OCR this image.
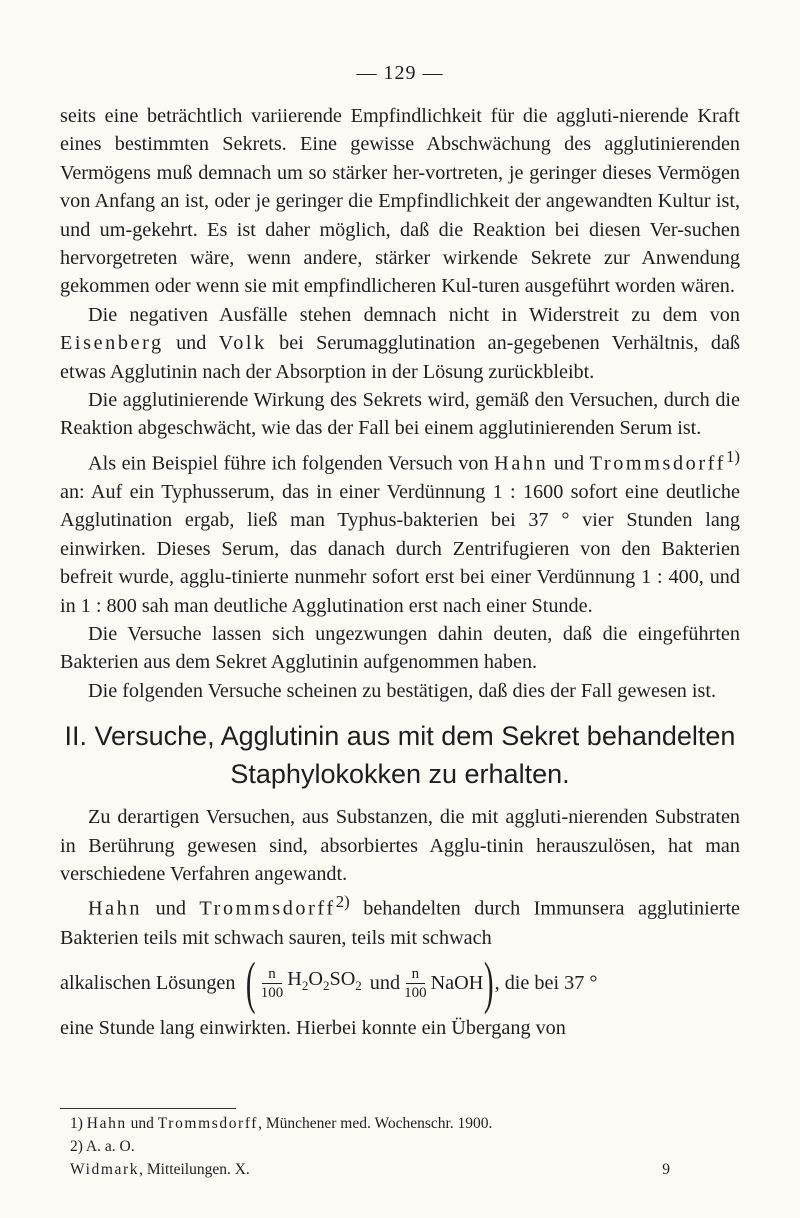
— 129 —

seits eine beträchtlich variierende Empfindlichkeit für die aggluti-nierende Kraft eines bestimmten Sekrets. Eine gewisse Abschwächung des agglutinierenden Vermögens muß demnach um so stärker her-vortreten, je geringer dieses Vermögen von Anfang an ist, oder je geringer die Empfindlichkeit der angewandten Kultur ist, und um-gekehrt. Es ist daher möglich, daß die Reaktion bei diesen Ver-suchen hervorgetreten wäre, wenn andere, stärker wirkende Sekrete zur Anwendung gekommen oder wenn sie mit empfindlicheren Kul-turen ausgeführt worden wären.

Die negativen Ausfälle stehen demnach nicht in Widerstreit zu dem von Eisenberg und Volk bei Serumagglutination an-gegebenen Verhältnis, daß etwas Agglutinin nach der Absorption in der Lösung zurückbleibt.

Die agglutinierende Wirkung des Sekrets wird, gemäß den Versuchen, durch die Reaktion abgeschwächt, wie das der Fall bei einem agglutinierenden Serum ist.

Als ein Beispiel führe ich folgenden Versuch von Hahn und Trommsdorff$^{1)}$ an: Auf ein Typhusserum, das in einer Verdünnung 1 : 1600 sofort eine deutliche Agglutination ergab, ließ man Typhus-bakterien bei 37 ° vier Stunden lang einwirken. Dieses Serum, das danach durch Zentrifugieren von den Bakterien befreit wurde, agglu-tinierte nunmehr sofort erst bei einer Verdünnung 1 : 400, und in 1 : 800 sah man deutliche Agglutination erst nach einer Stunde.

Die Versuche lassen sich ungezwungen dahin deuten, daß die eingeführten Bakterien aus dem Sekret Agglutinin aufgenommen haben.

Die folgenden Versuche scheinen zu bestätigen, daß dies der Fall gewesen ist.

II. Versuche, Agglutinin aus mit dem Sekret behandelten
Staphylokokken zu erhalten.

Zu derartigen Versuchen, aus Substanzen, die mit aggluti-nierenden Substraten in Berührung gewesen sind, absorbiertes Agglu-tinin herauszulösen, hat man verschiedene Verfahren angewandt.

Hahn und Trommsdorff$^{2)}$ behandelten durch Immunsera agglutinierte Bakterien teils mit schwach sauren, teils mit schwach

alkalischen Lösungen ( $\frac{n}{100} H_2O_2SO_2$ und $\frac{n}{100}$ NaOH ) , die bei 37 °

eine Stunde lang einwirkten. Hierbei konnte ein Übergang von

1) Hahn und Trommsdorff, Münchener med. Wochenschr. 1900.
2) A. a. O.
Widmark, Mitteilungen. X.	9
